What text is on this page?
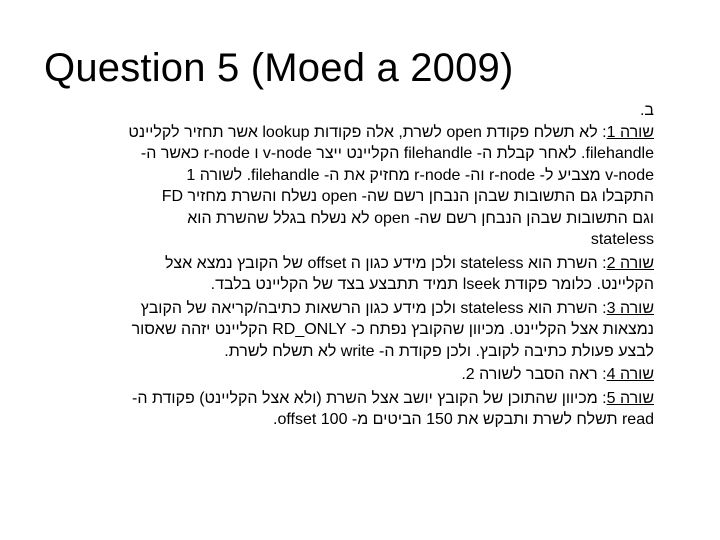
Question 5 (Moed a 2009)
ב.

שורה 1: לא תשלח פקודת open לשרת, אלה פקודות lookup אשר תחזיר לקליינט
filehandle. לאחר קבלת ה- filehandle הקליינט ייצר v-node ו r-node כאשר ה-
v-node מצביע ל- r-node וה- r-node מחזיק את ה- filehandle. לשורה 1
התקבלו גם התשובות שבהן הנבחן רשם שה- open נשלח והשרת מחזיר FD
וגם התשובות שבהן הנבחן רשם שה- open לא נשלח בגלל שהשרת הוא
stateless

שורה 2: השרת הוא stateless ולכן מידע כגון ה offset של הקובץ נמצא אצל
הקליינט. כלומר פקודת lseek תמיד תתבצע בצד של הקליינט בלבד.

שורה 3: השרת הוא stateless ולכן מידע כגון הרשאות כתיבה/קריאה של הקובץ
נמצאות אצל הקליינט. מכיוון שהקובץ נפתח כ- RD_ONLY הקליינט יזהה שאסור
לבצע פעולת כתיבה לקובץ. ולכן פקודת ה- write לא תשלח לשרת.

שורה 4: ראה הסבר לשורה 2.

שורה 5: מכיוון שהתוכן של הקובץ יושב אצל השרת (ולא אצל הקליינט) פקודת ה-
read תשלח לשרת ותבקש את 150 הביטים מ- offset 100.
